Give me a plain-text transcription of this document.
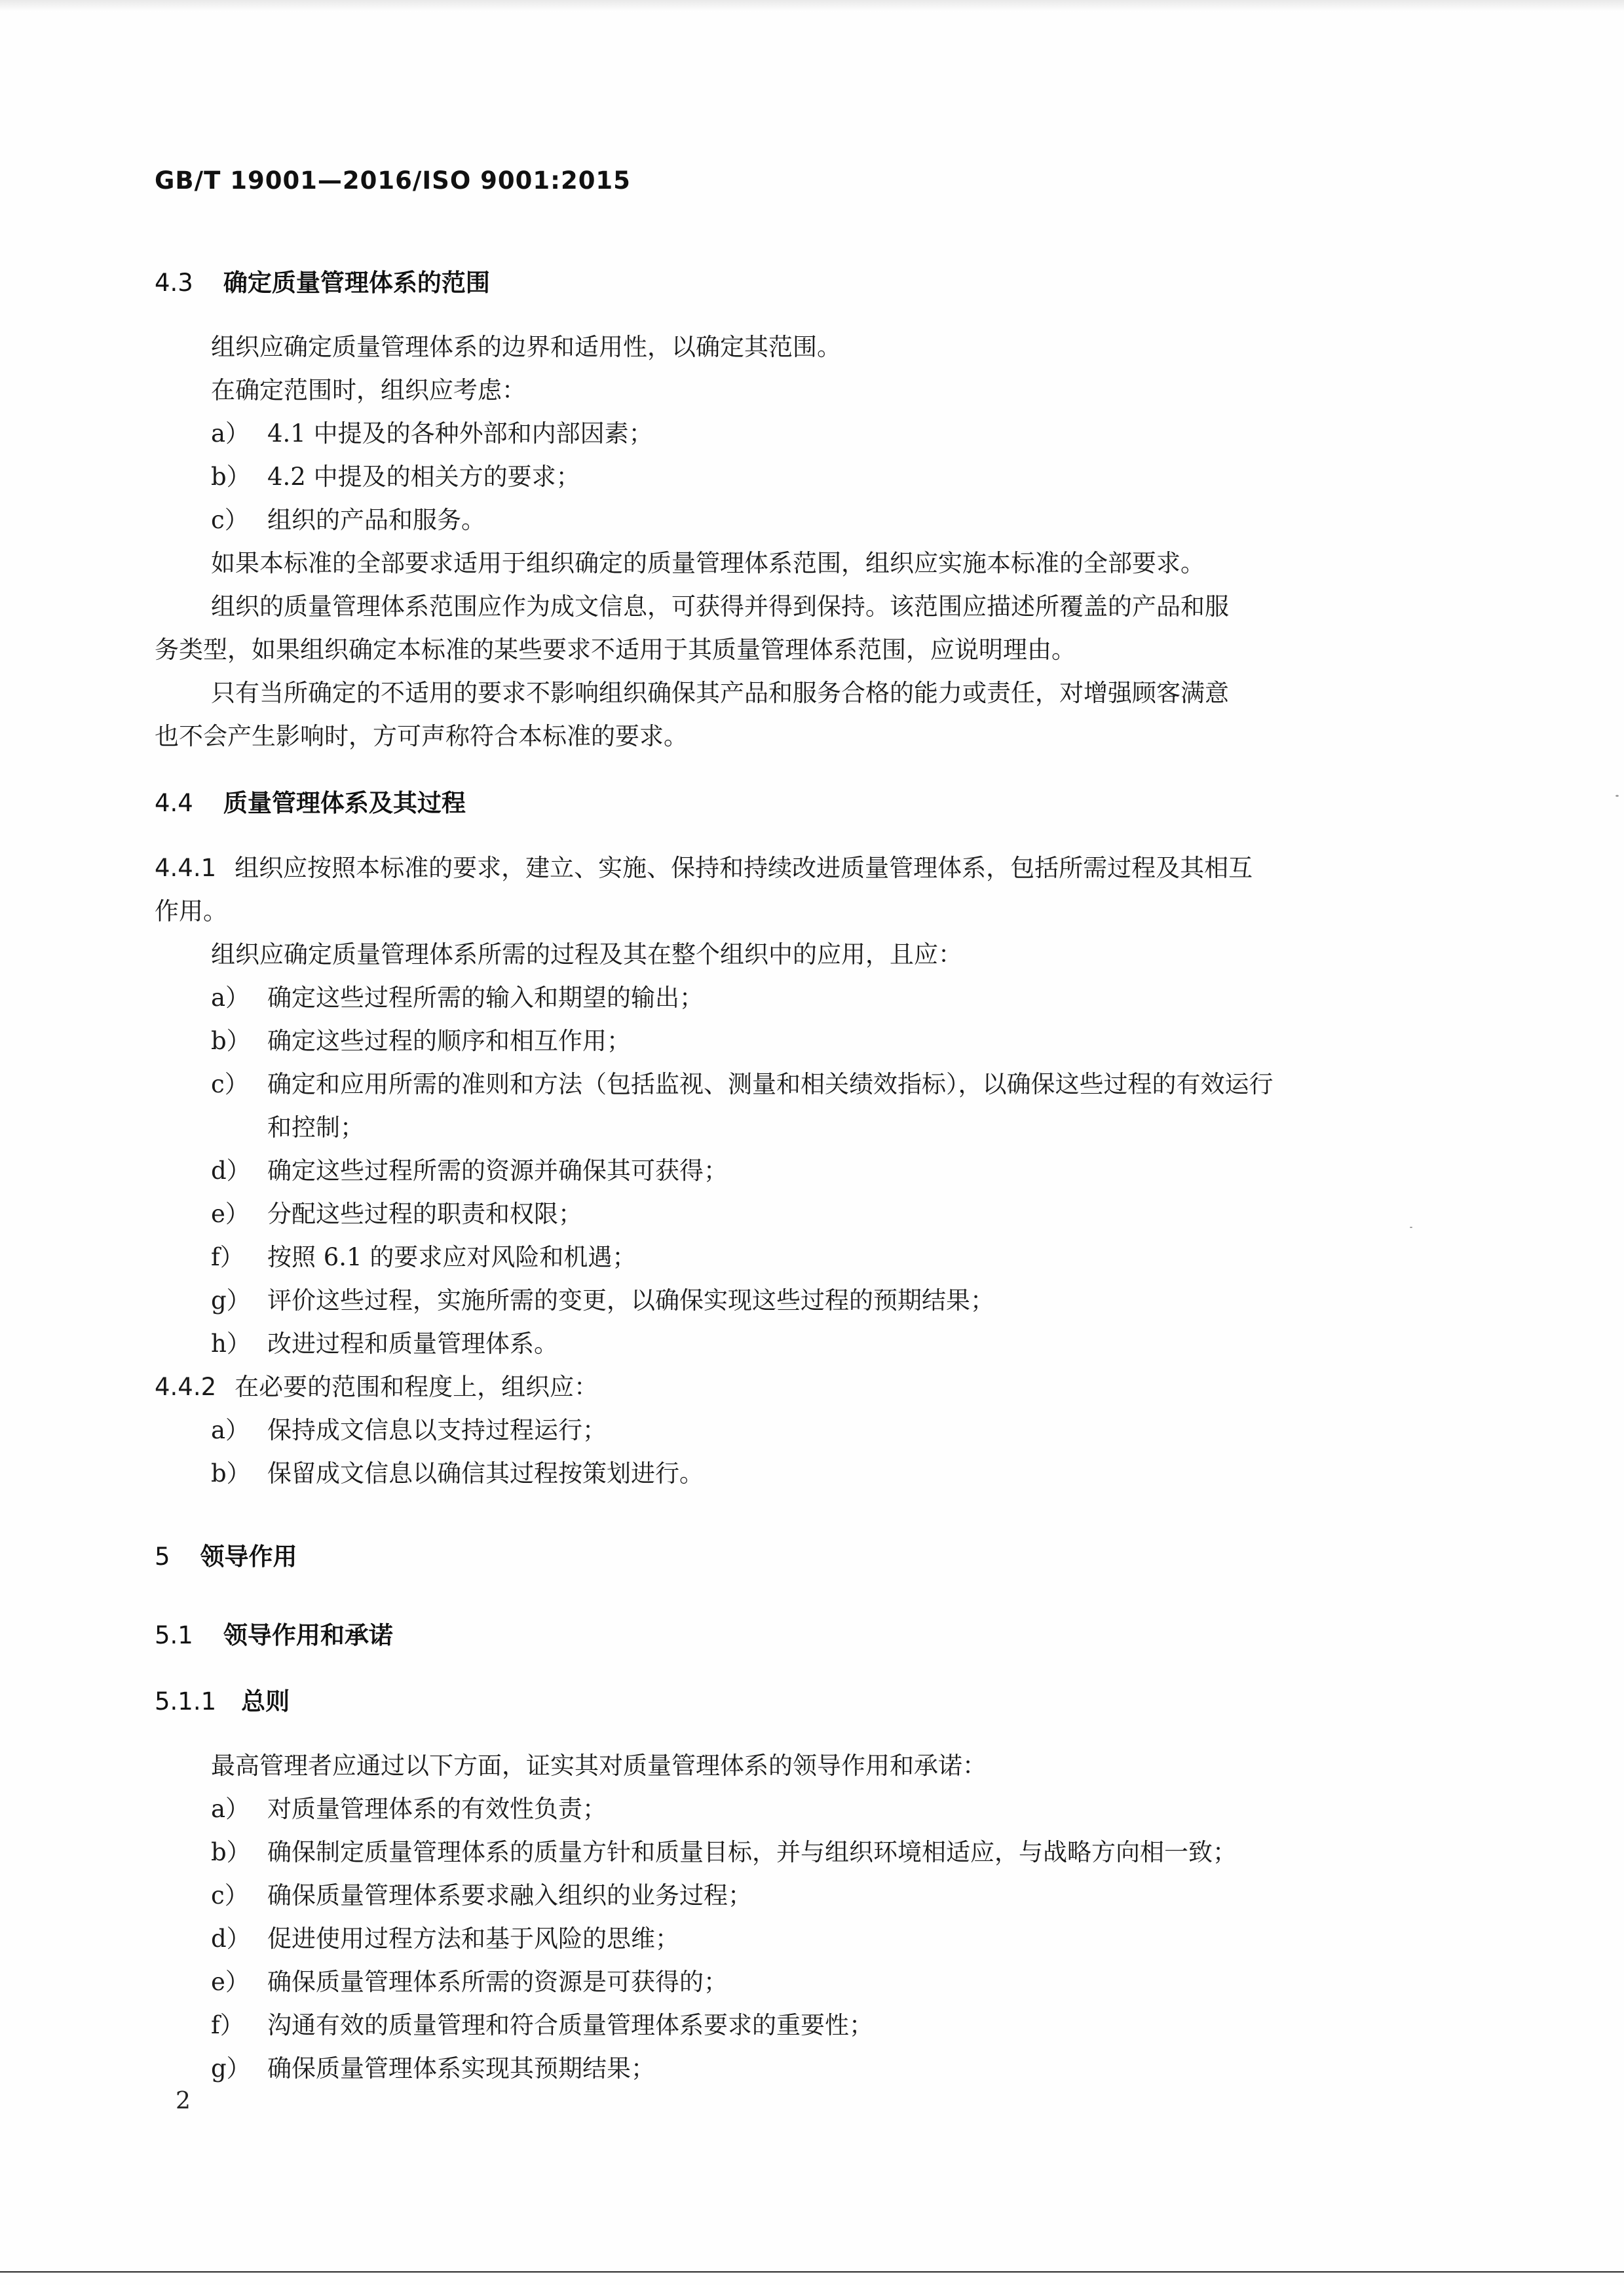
GB/T 19001—2016/ISO 9001:2015
4.3 确定质量管理体系的范围
组织应确定质量管理体系的边界和适用性，以确定其范围。
在确定范围时，组织应考虑：
a） 4.1 中提及的各种外部和内部因素；
b） 4.2 中提及的相关方的要求；
c） 组织的产品和服务。
如果本标准的全部要求适用于组织确定的质量管理体系范围，组织应实施本标准的全部要求。
组织的质量管理体系范围应作为成文信息，可获得并得到保持。该范围应描述所覆盖的产品和服
务类型，如果组织确定本标准的某些要求不适用于其质量管理体系范围，应说明理由。
只有当所确定的不适用的要求不影响组织确保其产品和服务合格的能力或责任，对增强顾客满意
也不会产生影响时，方可声称符合本标准的要求。
4.4 质量管理体系及其过程
4.4.1 组织应按照本标准的要求，建立、实施、保持和持续改进质量管理体系，包括所需过程及其相互
作用。
组织应确定质量管理体系所需的过程及其在整个组织中的应用，且应：
a） 确定这些过程所需的输入和期望的输出；
b） 确定这些过程的顺序和相互作用；
c） 确定和应用所需的准则和方法（包括监视、测量和相关绩效指标），以确保这些过程的有效运行
和控制；
d） 确定这些过程所需的资源并确保其可获得；
e） 分配这些过程的职责和权限；
f） 按照 6.1 的要求应对风险和机遇；
g） 评价这些过程，实施所需的变更，以确保实现这些过程的预期结果；
h） 改进过程和质量管理体系。
4.4.2 在必要的范围和程度上，组织应：
a） 保持成文信息以支持过程运行；
b） 保留成文信息以确信其过程按策划进行。
5 领导作用
5.1 领导作用和承诺
5.1.1 总则
最高管理者应通过以下方面，证实其对质量管理体系的领导作用和承诺：
a） 对质量管理体系的有效性负责；
b） 确保制定质量管理体系的质量方针和质量目标，并与组织环境相适应，与战略方向相一致；
c） 确保质量管理体系要求融入组织的业务过程；
d） 促进使用过程方法和基于风险的思维；
e） 确保质量管理体系所需的资源是可获得的；
f） 沟通有效的质量管理和符合质量管理体系要求的重要性；
g） 确保质量管理体系实现其预期结果；
2
